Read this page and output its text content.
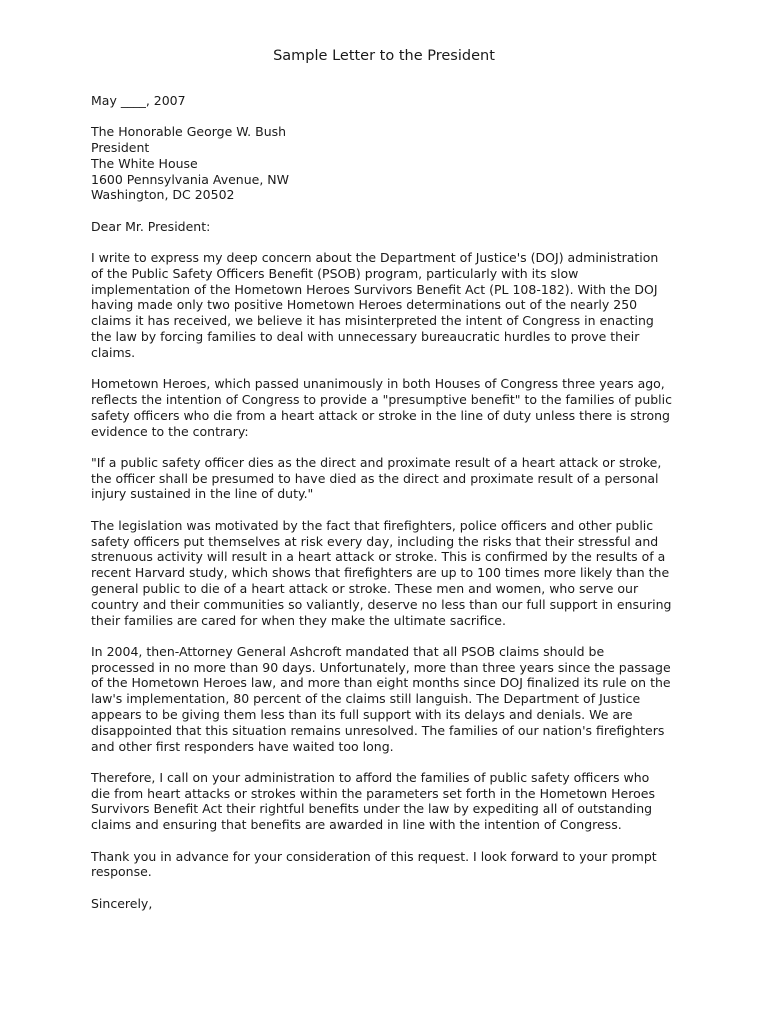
Sample Letter to the President

May ____, 2007

The Honorable George W. Bush
President
The White House
1600 Pennsylvania Avenue, NW
Washington, DC 20502

Dear Mr. President:

I write to express my deep concern about the Department of Justice's (DOJ) administration
of the Public Safety Officers Benefit (PSOB) program, particularly with its slow
implementation of the Hometown Heroes Survivors Benefit Act (PL 108-182). With the DOJ
having made only two positive Hometown Heroes determinations out of the nearly 250
claims it has received, we believe it has misinterpreted the intent of Congress in enacting
the law by forcing families to deal with unnecessary bureaucratic hurdles to prove their
claims.
Hometown Heroes, which passed unanimously in both Houses of Congress three years ago,
reflects the intention of Congress to provide a "presumptive benefit" to the families of public
safety officers who die from a heart attack or stroke in the line of duty unless there is strong
evidence to the contrary:
"If a public safety officer dies as the direct and proximate result of a heart attack or stroke,
the officer shall be presumed to have died as the direct and proximate result of a personal
injury sustained in the line of duty."
The legislation was motivated by the fact that firefighters, police officers and other public
safety officers put themselves at risk every day, including the risks that their stressful and
strenuous activity will result in a heart attack or stroke. This is confirmed by the results of a
recent Harvard study, which shows that firefighters are up to 100 times more likely than the
general public to die of a heart attack or stroke. These men and women, who serve our
country and their communities so valiantly, deserve no less than our full support in ensuring
their families are cared for when they make the ultimate sacrifice.
In 2004, then-Attorney General Ashcroft mandated that all PSOB claims should be
processed in no more than 90 days. Unfortunately, more than three years since the passage
of the Hometown Heroes law, and more than eight months since DOJ finalized its rule on the
law's implementation, 80 percent of the claims still languish. The Department of Justice
appears to be giving them less than its full support with its delays and denials. We are
disappointed that this situation remains unresolved. The families of our nation's firefighters
and other first responders have waited too long.
Therefore, I call on your administration to afford the families of public safety officers who
die from heart attacks or strokes within the parameters set forth in the Hometown Heroes
Survivors Benefit Act their rightful benefits under the law by expediting all of outstanding
claims and ensuring that benefits are awarded in line with the intention of Congress.
Thank you in advance for your consideration of this request. I look forward to your prompt
response.

Sincerely,
